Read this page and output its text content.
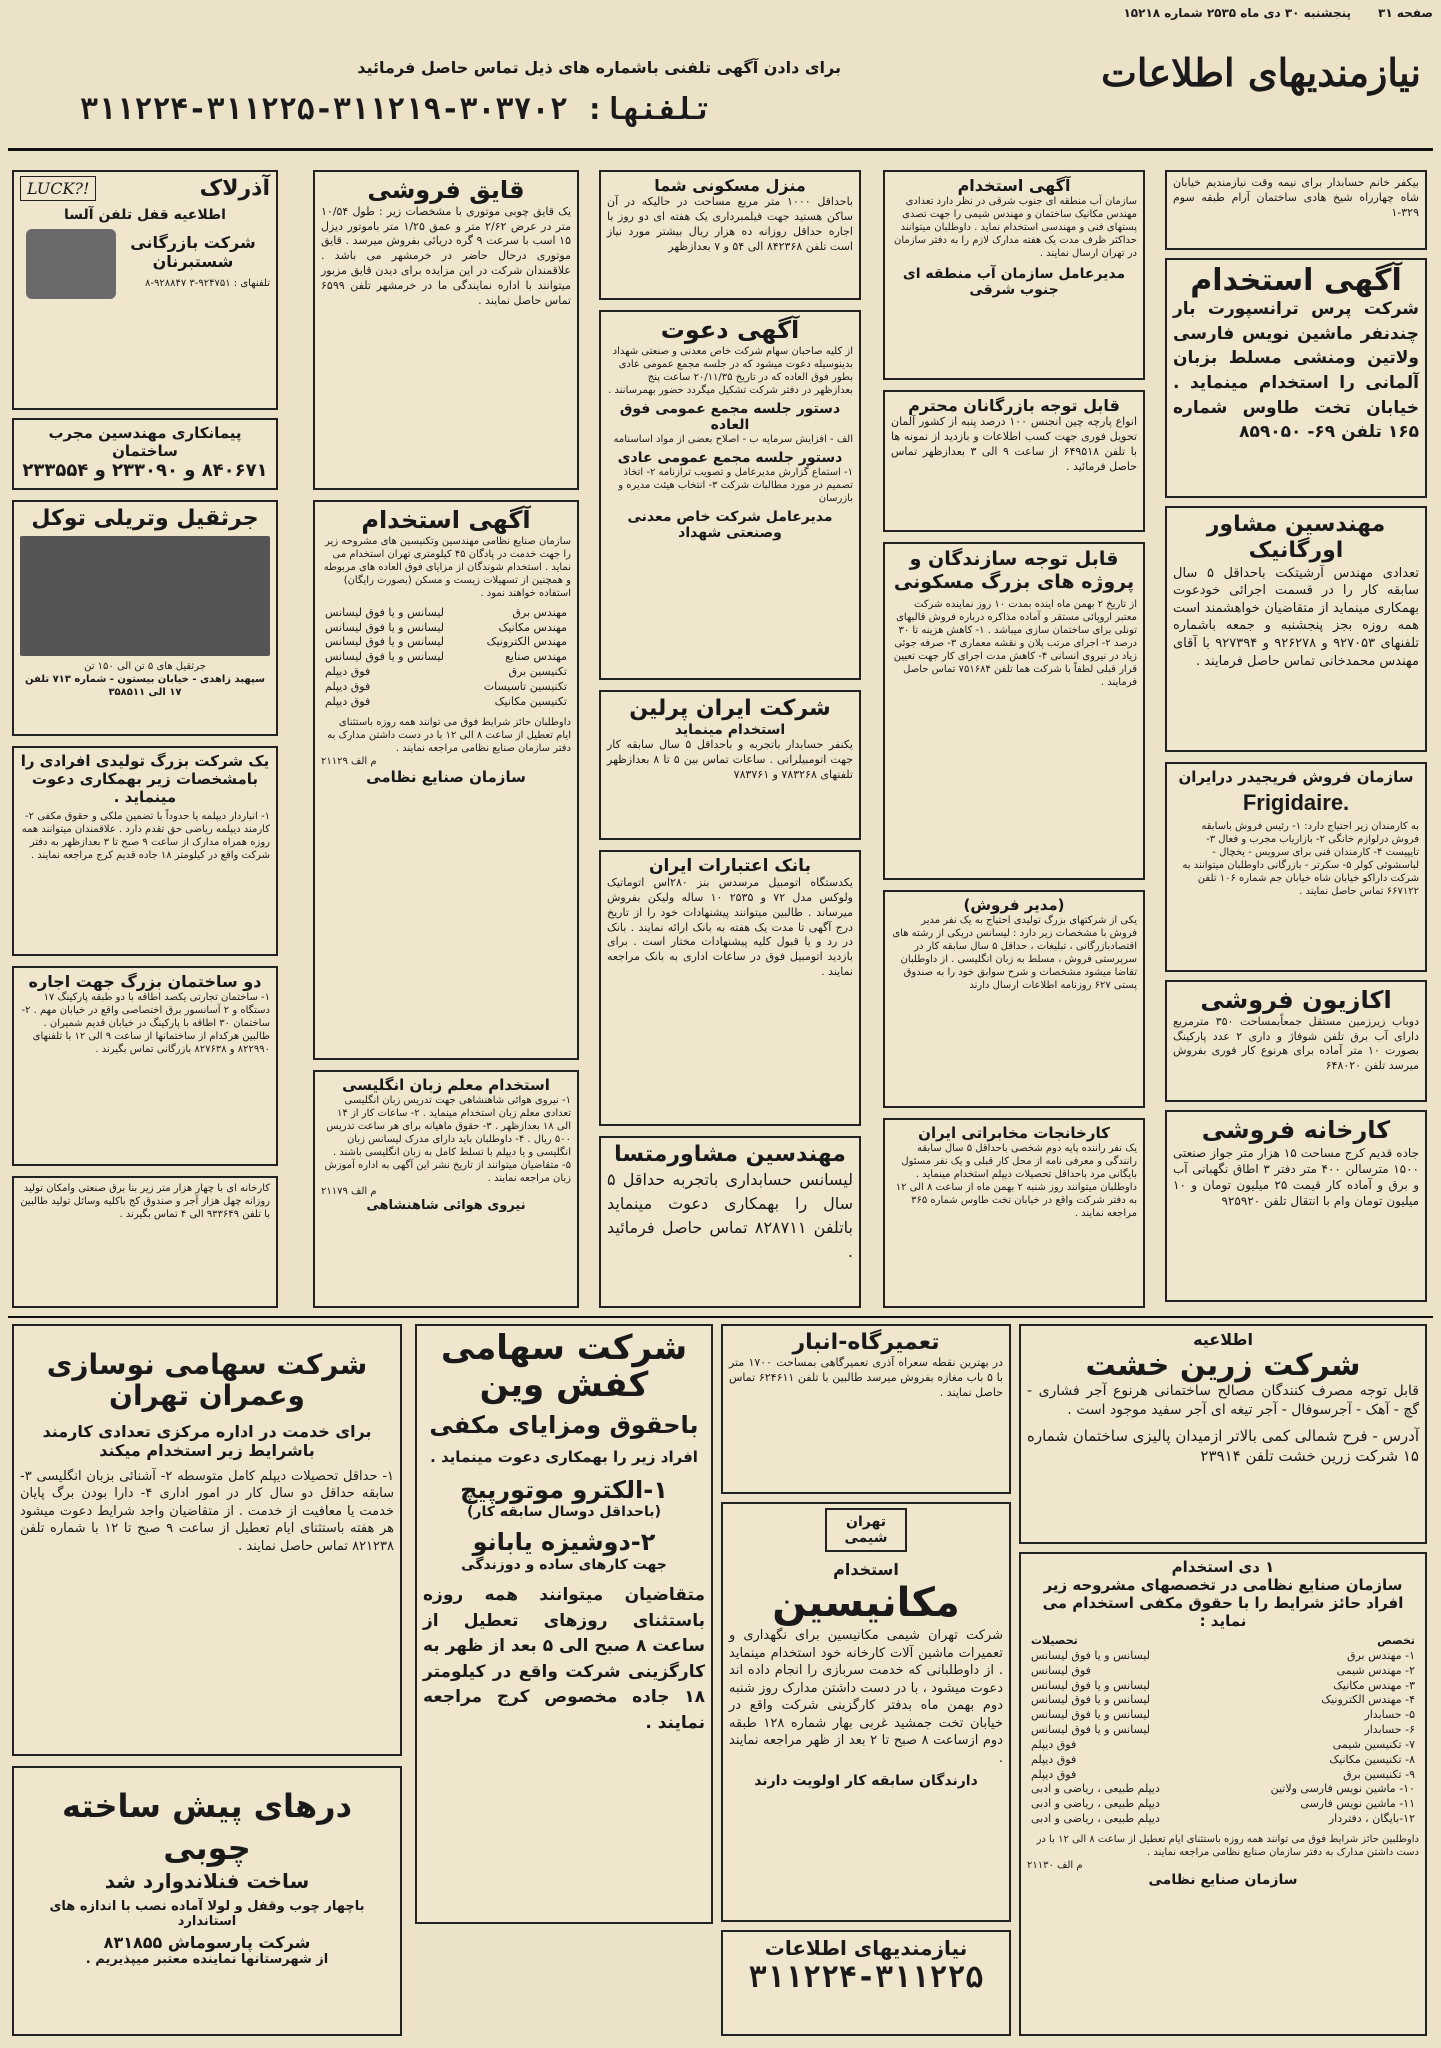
صفحه ۳۱
پنجشنبه ۳۰ دی ماه ۲۵۳۵ شماره ۱۵۲۱۸
نیازمندیهای اطلاعات
برای دادن آگهی تلفنی باشماره های ذیل تماس حاصل فرمائید
تلفنها: ۳۰۳۷۰۲-۳۱۱۲۱۹-۳۱۱۲۲۵-۳۱۱۲۲۴
بیکفر خانم حسابدار برای نیمه وقت نیازمندیم خیابان شاه چهارراه شیخ هادی ساختمان آرام طبقه سوم ۳۲۹-۱
آگهی استخدام
شرکت پرس ترانسپورت بار چندنفر ماشین نویس فارسی ولاتین ومنشی مسلط بزبان آلمانی را استخدام مینماید . خیابان تخت طاوس شماره ۱۶۵ تلفن ۶۹- ۸۵۹۰۵۰
مهندسین مشاور اورگانیک
تعدادی مهندس آرشیتکت باحداقل ۵ سال سابقه کار را در قسمت اجرائی خودعوت بهمکاری مینماید از متقاضیان خواهشمند است همه روزه بجز پنجشنبه و جمعه باشماره تلفنهای ۹۲۷۰۵۳ و ۹۲۶۲۷۸ و ۹۲۷۳۹۴ با آقای مهندس محمدخانی تماس حاصل فرمایند .
سازمان فروش فریجیدر درایران
Frigidaire.
به کارمندان زیر احتیاج دارد: ۱- رئیس فروش باسابقه فروش درلوازم خانگی ۲- بازاریاب مجرب و فعال ۳- تایپیست ۴- کارمندان فنی برای سرویس - یخچال - لباسشوئی کولر ۵- سکرتر - بازرگانی داوطلبان میتوانند به شرکت داراکو خیابان شاه خیابان جم شماره ۱۰۶ تلفن ۶۶۷۱۲۲ تماس حاصل نمایند .
اکازیون فروشی
دوباب زیرزمین مستقل جمعاًبمساحت ۳۵۰ مترمربع دارای آب برق تلفن شوفاژ و داری ۲ عدد پارکینگ بصورت ۱۰ متر آماده برای هرنوع کار فوری بفروش میرسد تلفن ۶۴۸۰۲۰
کارخانه فروشی
جاده قدیم کرج مساحت ۱۵ هزار متر جواز صنعتی ۱۵۰۰ مترسالن ۴۰۰ متر دفتر ۳ اطاق نگهبانی آب و برق و آماده کار قیمت ۲۵ میلیون تومان و ۱۰ میلیون تومان وام با انتقال تلفن ۹۲۵۹۲۰
آگهی استخدام
سازمان آب منطقه ای جنوب شرقی در نظر دارد تعدادی مهندس مکانیک ساختمان و مهندس شیمی را جهت تصدی پستهای فنی و مهندسی استخدام نماید . داوطلبان میتوانند حداکثر ظرف مدت یک هفته مدارک لازم را به دفتر سازمان در تهران ارسال نمایند .
مدیرعامل سازمان آب منطقه ای جنوب شرقی
قابل توجه بازرگانان محترم
انواع پارچه چین انجنس ۱۰۰ درصد پنبه از کشور آلمان تحویل فوری جهت کسب اطلاعات و بازدید از نمونه ها با تلفن ۶۴۹۵۱۸ از ساعت ۹ الی ۳ بعدازظهر تماس حاصل فرمائید .
قابل توجه سازندگان و پروژه های بزرگ مسکونی
از تاریخ ۲ بهمن ماه اینده بمدت ۱۰ روز نماینده شرکت معتبر اروپائی مستقر و آماده مذاکره درباره فروش قالبهای تونلی برای ساختمان سازی میباشد . ۱- کاهش هزینه تا ۳۰ درصد ۲- اجرای مرتب پلان و نقشه معماری ۳- صرفه جوئی زیاد در نیروی انسانی ۴- کاهش مدت اجرای کار جهت تعیین قرار قبلی لطفاً با شرکت هما تلفن ۷۵۱۶۸۴ تماس حاصل فرمایند .
(مدیر فروش)
یکی از شرکتهای بزرگ تولیدی احتیاج به یک نفر مدیر فروش با مشخصات زیر دارد : لیسانس دریکی از رشته های اقتصادبازرگانی ، تبلیغات ، حداقل ۵ سال سابقه کار در سرپرستی فروش ، مسلط به زبان انگلیسی . از داوطلبان تقاضا میشود مشخصات و شرح سوابق خود را به صندوق پستی ۶۲۷ روزنامه اطلاعات ارسال دارند
کارخانجات مخابراتی ایران
یک نفر راننده پایه دوم شخصی باحداقل ۵ سال سابقه رانندگی و معرفی نامه از محل کار قبلی و یک نفر مسئول بایگانی مرد باحداقل تحصیلات دیپلم استخدام مینماید . داوطلبان میتوانند روز شنبه ۲ بهمن ماه از ساعت ۸ الی ۱۲ به دفتر شرکت واقع در خیابان تخت طاوس شماره ۳۶۵ مراجعه نمایند .
منزل مسکونی شما
باحداقل ۱۰۰۰ متر مربع مساحت در حالیکه در آن ساکن هستید جهت فیلمبرداری یک هفته ای دو روز با اجاره حداقل روزانه ده هزار ریال بیشتر مورد نیاز است تلفن ۸۴۲۳۶۸ الی ۵۴ و ۷ بعدازظهر
آگهی دعوت
از کلیه صاحبان سهام شرکت خاص معدنی و صنعتی شهداد بدینوسیله دعوت میشود که در جلسه مجمع عمومی عادی بطور فوق العاده که در تاریخ ۲۰/۱۱/۳۵ ساعت پنج بعدازظهر در دفتر شرکت تشکیل میگردد حضور بهمرسانند .
دستور جلسه مجمع عمومی فوق العاده
الف - افزایش سرمایه ب - اصلاح بعضی از مواد اساسنامه
دستور جلسه مجمع عمومی عادی
۱- استماع گزارش مدیرعامل و تصویب ترازنامه ۲- اتخاذ تصمیم در مورد مطالبات شرکت ۳- انتخاب هیئت مدیره و بازرسان
مدیرعامل شرکت خاص معدنی وصنعتی شهداد
شرکت ایران پرلین
استخدام مینماید
یکنفر حسابدار باتجربه و باحداقل ۵ سال سابقه کار جهت اتومبیلرانی . ساعات تماس بین ۵ تا ۸ بعدازظهر تلفنهای ۷۸۳۲۶۸ و ۷۸۳۷۶۱
بانک اعتبارات ایران
یکدستگاه اتومبیل مرسدس بنز ۲۸۰اس اتوماتیک ولوکس مدل ۷۲ و ۲۵۳۵ ۱۰ ساله ولیکن بفروش میرساند . طالبین میتوانند پیشنهادات خود را از تاریخ درج آگهی تا مدت یک هفته به بانک ارائه نمایند . بانک در رد و یا قبول کلیه پیشنهادات مختار است . برای بازدید اتومبیل فوق در ساعات اداری به بانک مراجعه نمایند .
مهندسین مشاورمتسا
لیسانس حسابداری باتجربه حداقل ۵ سال را بهمکاری دعوت مینماید باتلفن ۸۲۸۷۱۱ تماس حاصل فرمائید .
قایق فروشی
یک قایق چوبی موتوری با مشخصات زیر : طول ۱۰/۵۴ متر در عرض ۲/۶۲ متر و عمق ۱/۲۵ متر باموتور دیزل ۱۵ اسب با سرعت ۹ گره دریائی بفروش میرسد . قایق موتوری درحال حاضر در خرمشهر می باشد . علاقمندان شرکت در این مزایده برای دیدن قایق مزبور میتوانند با اداره نمایندگی ما در خرمشهر تلفن ۶۵۹۹ تماس حاصل نمایند .
آگهی استخدام
سازمان صنایع نظامی مهندسین وتکنیسین های مشروحه زیر را جهت خدمت در پادگان ۴۵ کیلومتری تهران استخدام می نماید . استخدام شوندگان از مزایای فوق العاده های مربوطه و همچنین از تسهیلات زیست و مسکن (بصورت رایگان) استفاده خواهند نمود .
مهندس برق
لیسانس و یا فوق لیسانس
مهندس مکانیک
لیسانس و یا فوق لیسانس
مهندس الکترونیک
لیسانس و یا فوق لیسانس
مهندس صنایع
لیسانس و یا فوق لیسانس
تکنیسین برق
فوق دیپلم
تکنیسین تاسیسات
فوق دیپلم
تکنیسین مکانیک
فوق دیپلم
داوطلبان حائز شرایط فوق می توانند همه روزه باستثنای ایام تعطیل از ساعت ۸ الی ۱۲ با در دست داشتن مدارک به دفتر سازمان صنایع نظامی مراجعه نمایند .
م الف ۲۱۱۲۹
سازمان صنایع نظامی
استخدام معلم زبان انگلیسی
۱- نیروی هوائی شاهنشاهی جهت تدریس زبان انگلیسی تعدادی معلم زبان استخدام مینماید . ۲- ساعات کار از ۱۴ الی ۱۸ بعدازظهر . ۳- حقوق ماهیانه برای هر ساعت تدریس ۵۰۰ ریال . ۴- داوطلبان باید دارای مدرک لیسانس زبان انگلیسی و یا دیپلم با تسلط کامل به زبان انگلیسی باشند . ۵- متقاضیان میتوانند از تاریخ نشر این آگهی به اداره آموزش زبان مراجعه نمایند .
م الف ۲۱۱۷۹
نیروی هوائی شاهنشاهی
آذرلاک
LUCK?!
اطلاعیه قفل تلفن آلسا
شرکت بازرگانی شستبرنان
تلفنهای : ۹۲۴۷۵۱-۳ ۹۲۸۸۴۷-۸
پیمانکاری مهندسین مجرب ساختمان
۸۴۰۶۷۱ و ۲۳۳۰۹۰ و ۲۳۳۵۵۴
جرثقیل وتریلی توکل
جرثقیل های ۵ تن الی ۱۵۰ تن
سپهبد زاهدی - خیابان بیستون - شماره ۷۱۳ تلفن ۱۷ الی ۳۵۸۵۱۱
یک شرکت بزرگ تولیدی افرادی را بامشخصات زیر بهمکاری دعوت مینماید .
۱- انباردار دیپلمه یا حدوداً با تضمین ملکی و حقوق مکفی ۲- کارمند دیپلمه ریاضی حق تقدم دارد . علاقمندان میتوانند همه روزه همراه مدارک از ساعت ۹ صبح تا ۳ بعدازظهر به دفتر شرکت واقع در کیلومتر ۱۸ جاده قدیم کرج مراجعه نمایند .
دو ساختمان بزرگ جهت اجاره
۱- ساختمان تجارتی یکصد اطاقه با دو طبقه پارکینگ ۱۷ دستگاه و ۲ آسانسور برق اختصاصی واقع در خیابان مهم . ۲- ساختمان ۳۰ اطاقه با پارکینگ در خیابان قدیم شمیران . طالبین هرکدام از ساختمانها از ساعت ۹ الی ۱۲ با تلفنهای ۸۲۲۹۹۰ و ۸۲۷۶۳۸ بازرگانی تماس بگیرند .
کارخانه ای با چهار هزار متر زیر بنا برق صنعتی وامکان تولید روزانه چهل هزار آجر و صندوق کج باکلیه وسائل تولید طالبین با تلفن ۹۳۳۶۴۹ الی ۴ تماس بگیرند .
اطلاعیه
شرکت زرین خشت
قابل توجه مصرف کنندگان مصالح ساختمانی هرنوع آجر فشاری - گچ - آهک - آجرسوفال - آجر تیغه ای آجر سفید موجود است .
آدرس - فرح شمالی کمی بالاتر ازمیدان پالیزی ساختمان شماره ۱۵ شرکت زرین خشت تلفن ۲۳۹۱۴
۱ دی استخدام
سازمان صنایع نظامی در تخصصهای مشروحه زیر افراد حائز شرایط را با حقوق مکفی استخدام می نماید :
تخصص
تحصیلات
۱- مهندس برق
لیسانس و یا فوق لیسانس
۲- مهندس شیمی
فوق لیسانس
۳- مهندس مکانیک
لیسانس و یا فوق لیسانس
۴- مهندس الکترونیک
لیسانس و یا فوق لیسانس
۵- حسابدار
لیسانس و یا فوق لیسانس
۶- حسابدار
لیسانس و یا فوق لیسانس
۷- تکنیسین شیمی
فوق دیپلم
۸- تکنیسین مکانیک
فوق دیپلم
۹- تکنیسین برق
فوق دیپلم
۱۰- ماشین نویس فارسی ولاتین
دیپلم طبیعی ، ریاضی و ادبی
۱۱- ماشین نویس فارسی
دیپلم طبیعی ، ریاضی و ادبی
۱۲-بایگان ، دفتردار
دیپلم طبیعی ، ریاضی و ادبی
داوطلبین حائز شرایط فوق می توانند همه روزه باستثنای ایام تعطیل از ساعت ۸ الی ۱۲ با در دست داشتن مدارک به دفتر سازمان صنایع نظامی مراجعه نمایند .
م الف ۲۱۱۳۰
سازمان صنایع نظامی
تعمیرگاه-انبار
در بهترین نقطه سعراه آذری تعمیرگاهی بمساحت ۱۷۰۰ متر با ۵ باب مغازه بفروش میرسد طالبین با تلفن ۶۲۴۶۱۱ تماس حاصل نمایند .
تهران شیمی
استخدام
مکانیسین
شرکت تهران شیمی مکانیسین برای نگهداری و تعمیرات ماشین آلات کارخانه خود استخدام مینماید . از داوطلبانی که خدمت سربازی را انجام داده اند دعوت میشود ، با در دست داشتن مدارک روز شنبه دوم بهمن ماه بدفتر کارگزینی شرکت واقع در خیابان تخت جمشید غربی بهار شماره ۱۲۸ طبقه دوم ازساعت ۸ صبح تا ۲ بعد از ظهر مراجعه نمایند .
دارندگان سابقه کار اولویت دارند
نیازمندیهای اطلاعات
۳۱۱۲۲۴-۳۱۱۲۲۵
شرکت سهامی کفش وین
باحقوق ومزایای مکفی
افراد زیر را بهمکاری دعوت مینماید .
۱-الکترو موتورپیچ
(باحداقل دوسال سابقه کار)
۲-دوشیزه یابانو
جهت کارهای ساده و دوزندگی
متقاضیان میتوانند همه روزه باستثنای روزهای تعطیل از ساعت ۸ صبح الی ۵ بعد از ظهر به کارگزینی شرکت واقع در کیلومتر ۱۸ جاده مخصوص کرج مراجعه نمایند .
شرکت سهامی نوسازی وعمران تهران
برای خدمت در اداره مرکزی تعدادی کارمند باشرایط زیر استخدام میکند
۱- حداقل تحصیلات دیپلم کامل متوسطه ۲- آشنائی بزبان انگلیسی ۳- سابقه حداقل دو سال کار در امور اداری ۴- دارا بودن برگ پایان خدمت یا معافیت از خدمت . از متقاضیان واجد شرایط دعوت میشود هر هفته باستثنای ایام تعطیل از ساعت ۹ صبح تا ۱۲ با شماره تلفن ۸۲۱۲۳۸ تماس حاصل نمایند .
درهای پیش ساخته چوبی
ساخت فنلاندوارد شد
باچهار چوب وقفل و لولا آماده نصب با اندازه های استاندارد
شرکت پارسوماش ۸۳۱۸۵۵
از شهرستانها نماینده معتبر میپذیریم .
